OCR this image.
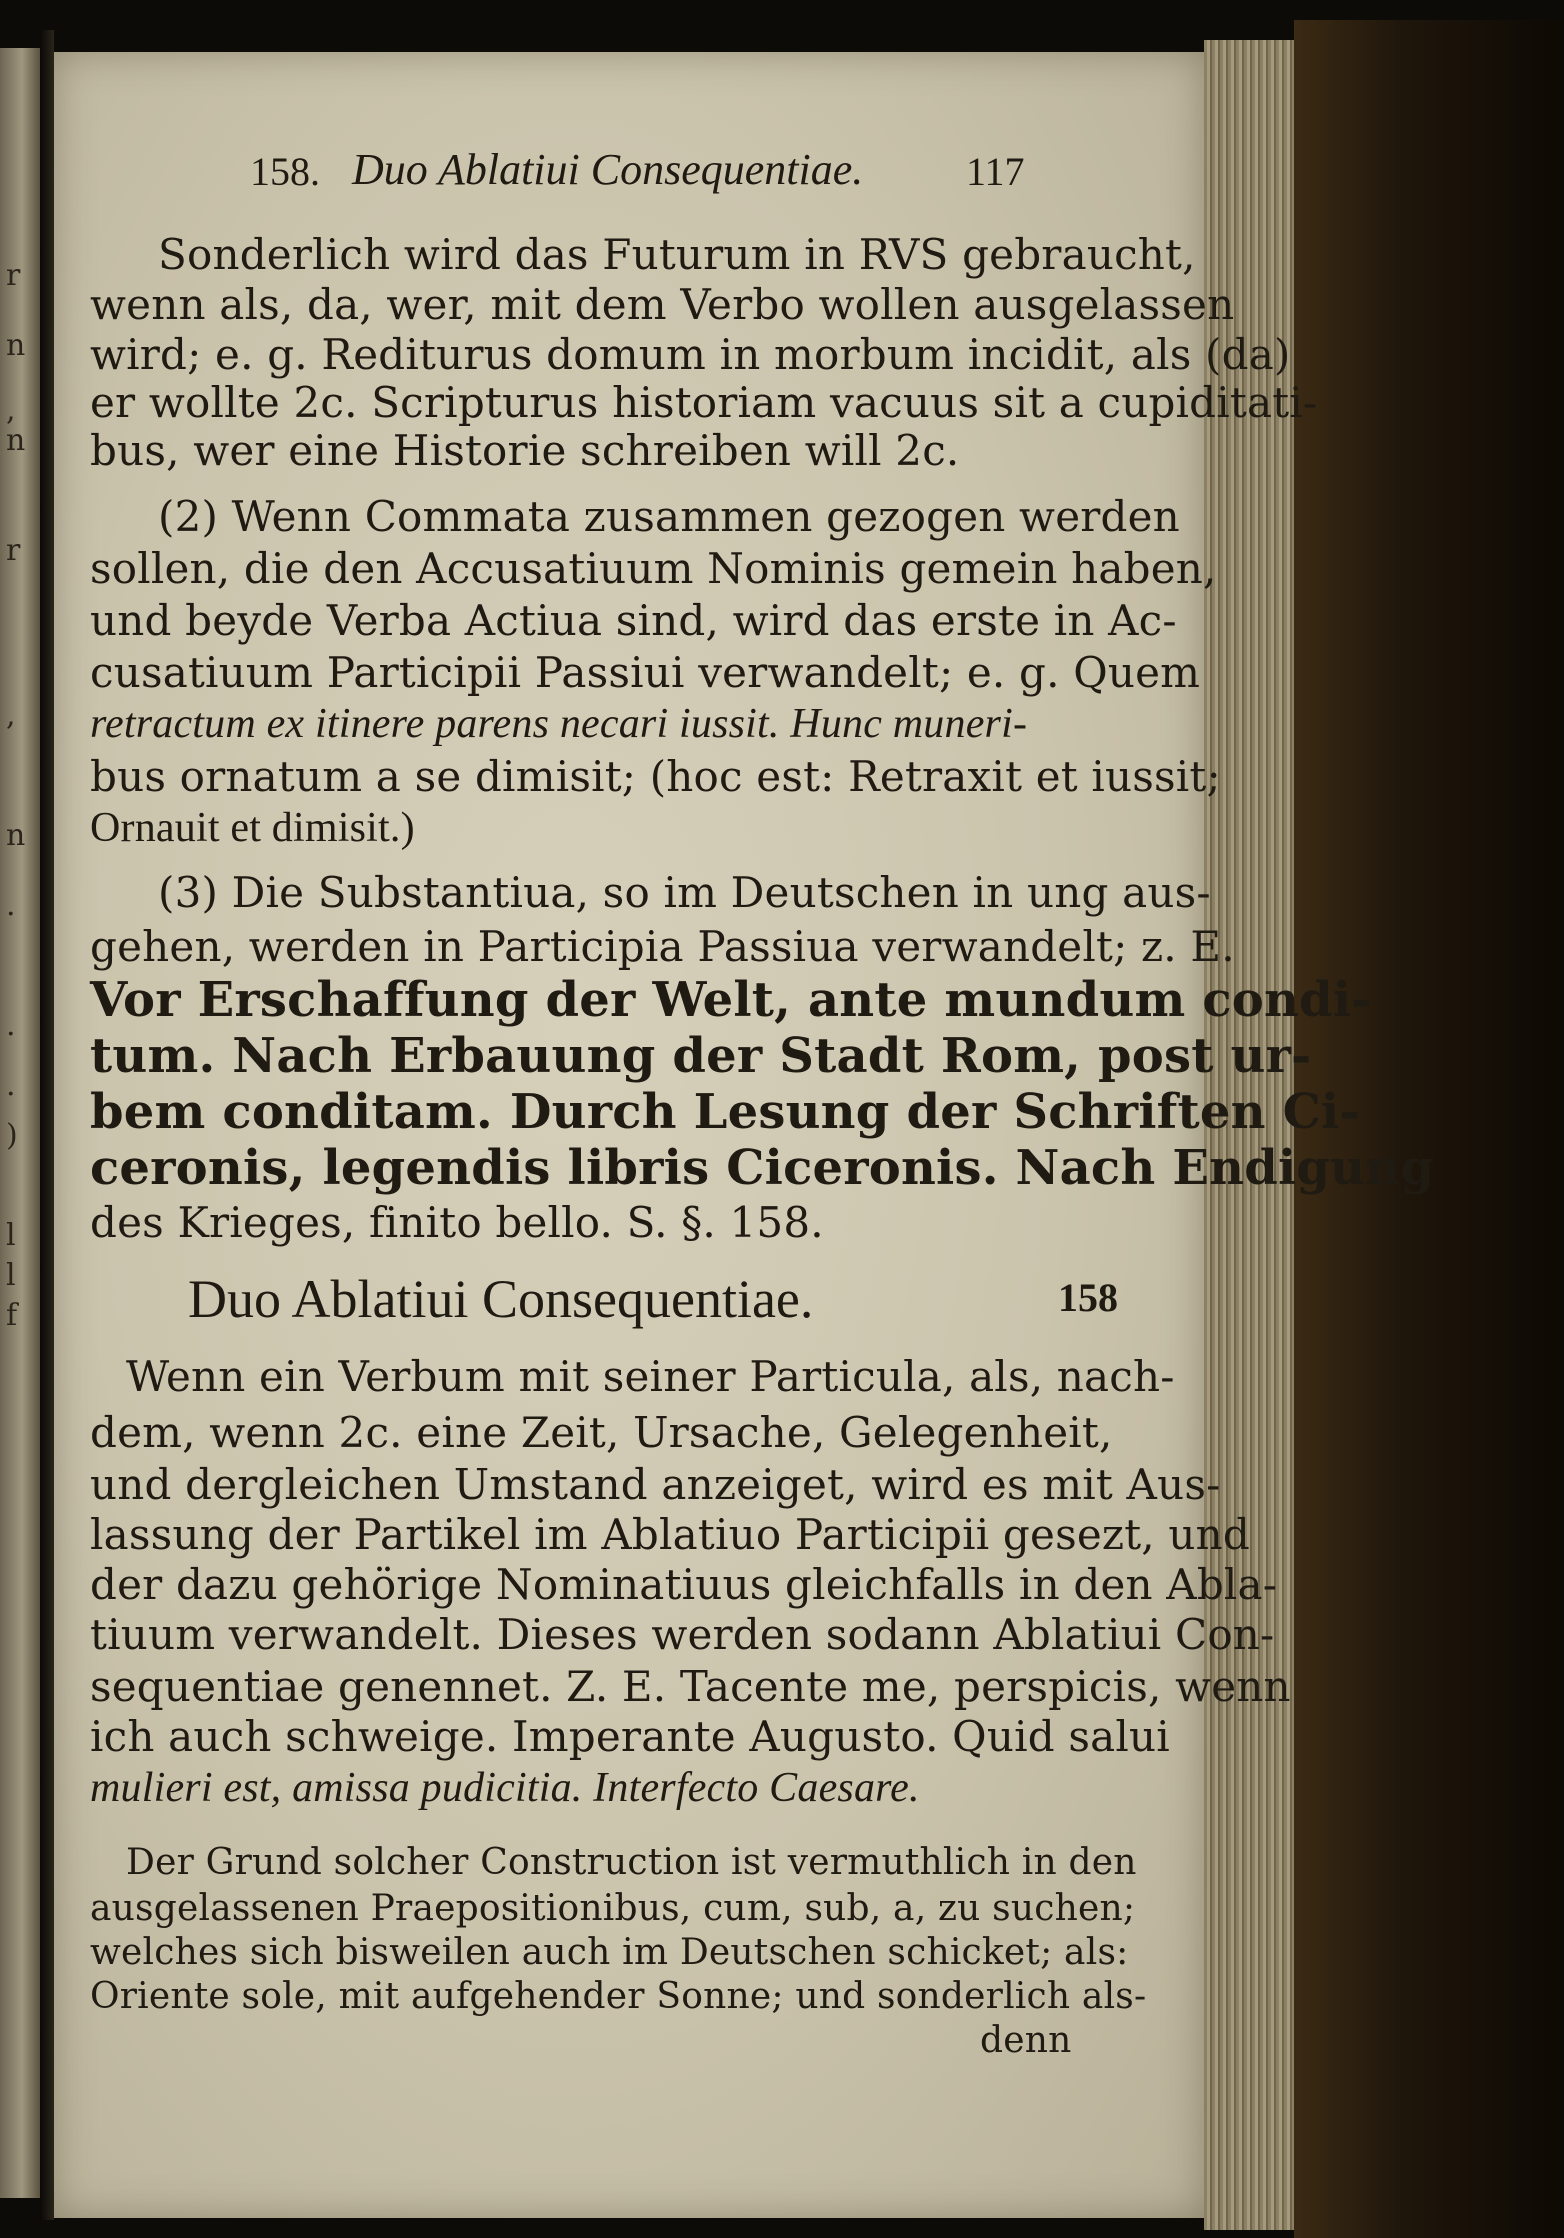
r
n
,
n
r
,
n
.
.
.
)
l
l
f
158. Duo Ablatiui Consequentiae.	117
Sonderlich wird das Futurum in RVS gebraucht,
wenn als, da, wer, mit dem Verbo wollen ausgelassen
wird; e. g. Rediturus domum in morbum incidit, als (da)
er wollte 2c. Scripturus historiam vacuus sit a cupiditati-
bus, wer eine Historie schreiben will 2c.
(2) Wenn Commata zusammen gezogen werden
sollen, die den Accusatiuum Nominis gemein haben,
und beyde Verba Actiua sind, wird das erste in Ac-
cusatiuum Participii Passiui verwandelt; e. g. Quem
retractum ex itinere parens necari iussit. Hunc muneri-
bus ornatum a se dimisit; (hoc est: Retraxit et iussit;
Ornauit et dimisit.)
(3) Die Substantiua, so im Deutschen in ung aus-
gehen, werden in Participia Passiua verwandelt; z. E.
Vor Erschaffung der Welt, ante mundum condi-
tum. Nach Erbauung der Stadt Rom, post ur-
bem conditam. Durch Lesung der Schriften Ci-
ceronis, legendis libris Ciceronis. Nach Endigung
des Krieges, finito bello. S. §. 158.
Duo Ablatiui Consequentiae.	158
Wenn ein Verbum mit seiner Particula, als, nach-
dem, wenn 2c. eine Zeit, Ursache, Gelegenheit,
und dergleichen Umstand anzeiget, wird es mit Aus-
lassung der Partikel im Ablatiuo Participii gesezt, und
der dazu gehörige Nominatiuus gleichfalls in den Abla-
tiuum verwandelt. Dieses werden sodann Ablatiui Con-
sequentiae genennet. Z. E. Tacente me, perspicis, wenn
ich auch schweige. Imperante Augusto. Quid salui
mulieri est, amissa pudicitia. Interfecto Caesare.
Der Grund solcher Construction ist vermuthlich in den
ausgelassenen Praepositionibus, cum, sub, a, zu suchen;
welches sich bisweilen auch im Deutschen schicket; als:
Oriente sole, mit aufgehender Sonne; und sonderlich als-
denn
